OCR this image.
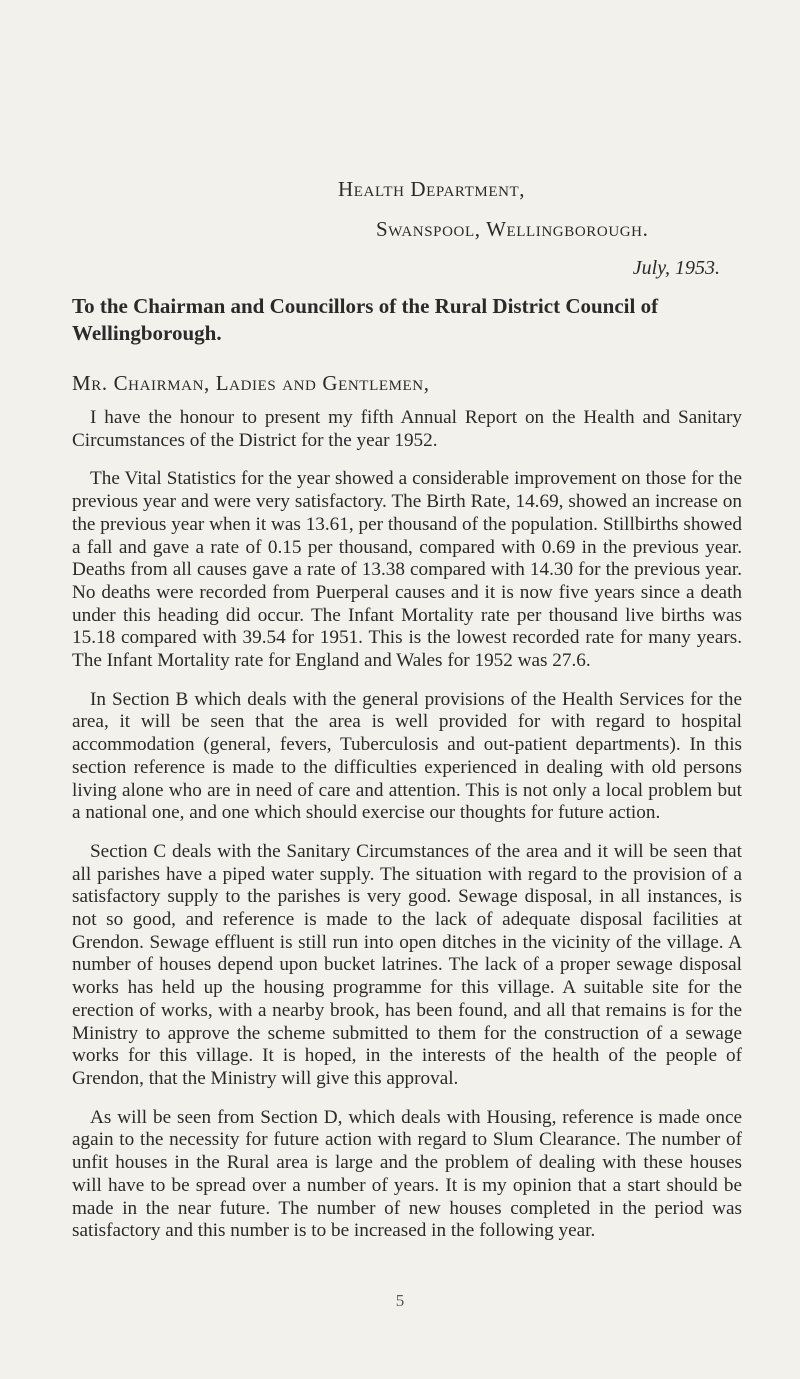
Health Department,
Swanspool, Wellingborough.
July, 1953.
To the Chairman and Councillors of the Rural District Council of Wellingborough.
Mr. Chairman, Ladies and Gentlemen,

I have the honour to present my fifth Annual Report on the Health and Sanitary Circumstances of the District for the year 1952.

The Vital Statistics for the year showed a considerable improvement on those for the previous year and were very satisfactory. The Birth Rate, 14.69, showed an increase on the previous year when it was 13.61, per thousand of the population. Stillbirths showed a fall and gave a rate of 0.15 per thousand, compared with 0.69 in the previous year. Deaths from all causes gave a rate of 13.38 compared with 14.30 for the previous year. No deaths were recorded from Puerperal causes and it is now five years since a death under this heading did occur. The Infant Mortality rate per thousand live births was 15.18 compared with 39.54 for 1951. This is the lowest recorded rate for many years. The Infant Mortality rate for England and Wales for 1952 was 27.6.

In Section B which deals with the general provisions of the Health Services for the area, it will be seen that the area is well provided for with regard to hospital accommodation (general, fevers, Tuberculosis and out-patient departments). In this section reference is made to the difficulties experienced in dealing with old persons living alone who are in need of care and attention. This is not only a local problem but a national one, and one which should exercise our thoughts for future action.

Section C deals with the Sanitary Circumstances of the area and it will be seen that all parishes have a piped water supply. The situation with regard to the provision of a satisfactory supply to the parishes is very good. Sewage disposal, in all instances, is not so good, and reference is made to the lack of adequate disposal facilities at Grendon. Sewage effluent is still run into open ditches in the vicinity of the village. A number of houses depend upon bucket latrines. The lack of a proper sewage disposal works has held up the housing programme for this village. A suitable site for the erection of works, with a nearby brook, has been found, and all that remains is for the Ministry to approve the scheme submitted to them for the construction of a sewage works for this village. It is hoped, in the interests of the health of the people of Grendon, that the Ministry will give this approval.

As will be seen from Section D, which deals with Housing, reference is made once again to the necessity for future action with regard to Slum Clearance. The number of unfit houses in the Rural area is large and the problem of dealing with these houses will have to be spread over a number of years. It is my opinion that a start should be made in the near future. The number of new houses completed in the period was satisfactory and this number is to be increased in the following year.

5
